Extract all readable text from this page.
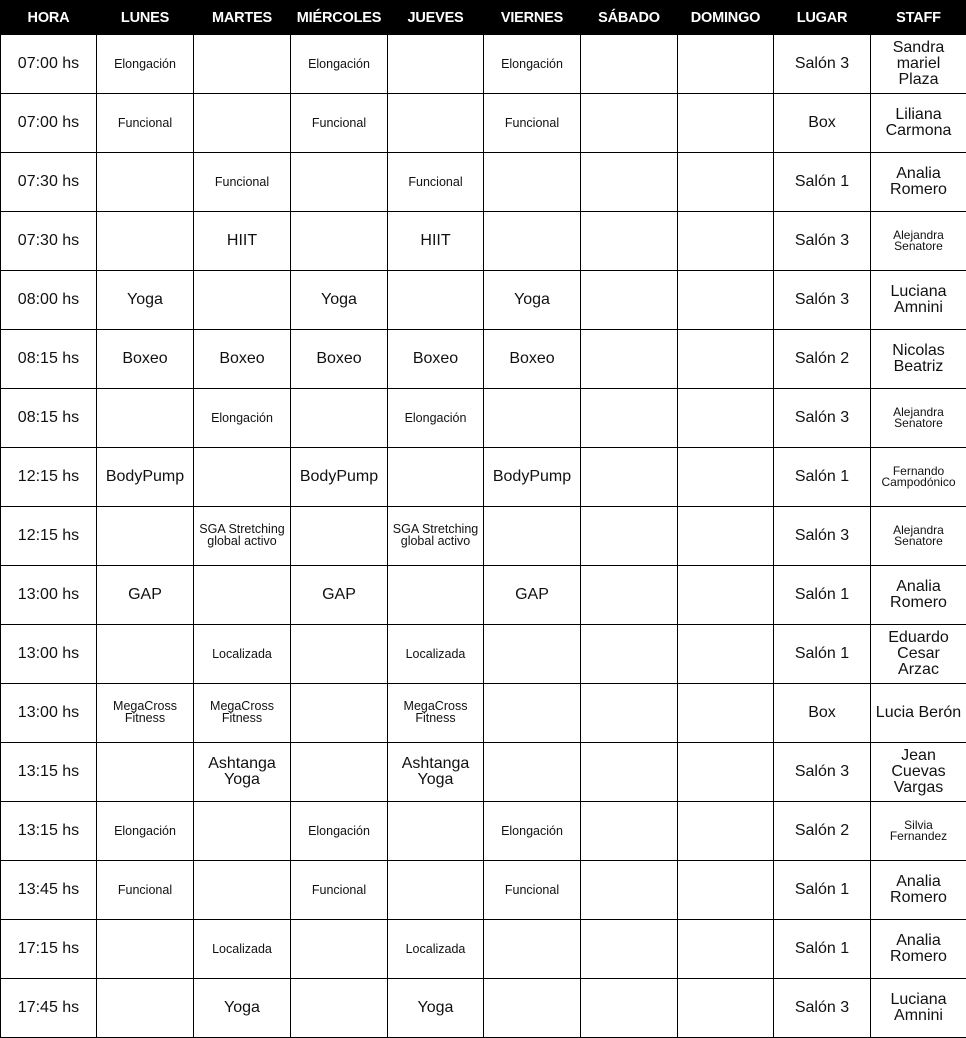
HORA	LUNES	MARTES	MIÉRCOLES	JUEVES	VIERNES	SÁBADO	DOMINGO	LUGAR	STAFF
07:00 hs	Elongación		Elongación		Elongación			Salón 3	Sandra
mariel
Plaza
07:00 hs	Funcional		Funcional		Funcional			Box	Liliana
Carmona
07:30 hs		Funcional		Funcional				Salón 1	Analia
Romero
07:30 hs		HIIT		HIIT				Salón 3	Alejandra
Senatore
08:00 hs	Yoga		Yoga		Yoga			Salón 3	Luciana
Amnini
08:15 hs	Boxeo	Boxeo	Boxeo	Boxeo	Boxeo			Salón 2	Nicolas
Beatriz
08:15 hs		Elongación		Elongación				Salón 3	Alejandra
Senatore
12:15 hs	BodyPump		BodyPump		BodyPump			Salón 1	Fernando
Campodónico
12:15 hs		SGA Stretching
global activo		SGA Stretching
global activo				Salón 3	Alejandra
Senatore
13:00 hs	GAP		GAP		GAP			Salón 1	Analia
Romero
13:00 hs		Localizada		Localizada				Salón 1	Eduardo
Cesar
Arzac
13:00 hs	MegaCross
Fitness	MegaCross
Fitness		MegaCross
Fitness				Box	Lucia Berón
13:15 hs		Ashtanga
Yoga		Ashtanga
Yoga				Salón 3	Jean
Cuevas
Vargas
13:15 hs	Elongación		Elongación		Elongación			Salón 2	Silvia
Fernandez
13:45 hs	Funcional		Funcional		Funcional			Salón 1	Analia
Romero
17:15 hs		Localizada		Localizada				Salón 1	Analia
Romero
17:45 hs		Yoga		Yoga				Salón 3	Luciana
Amnini
